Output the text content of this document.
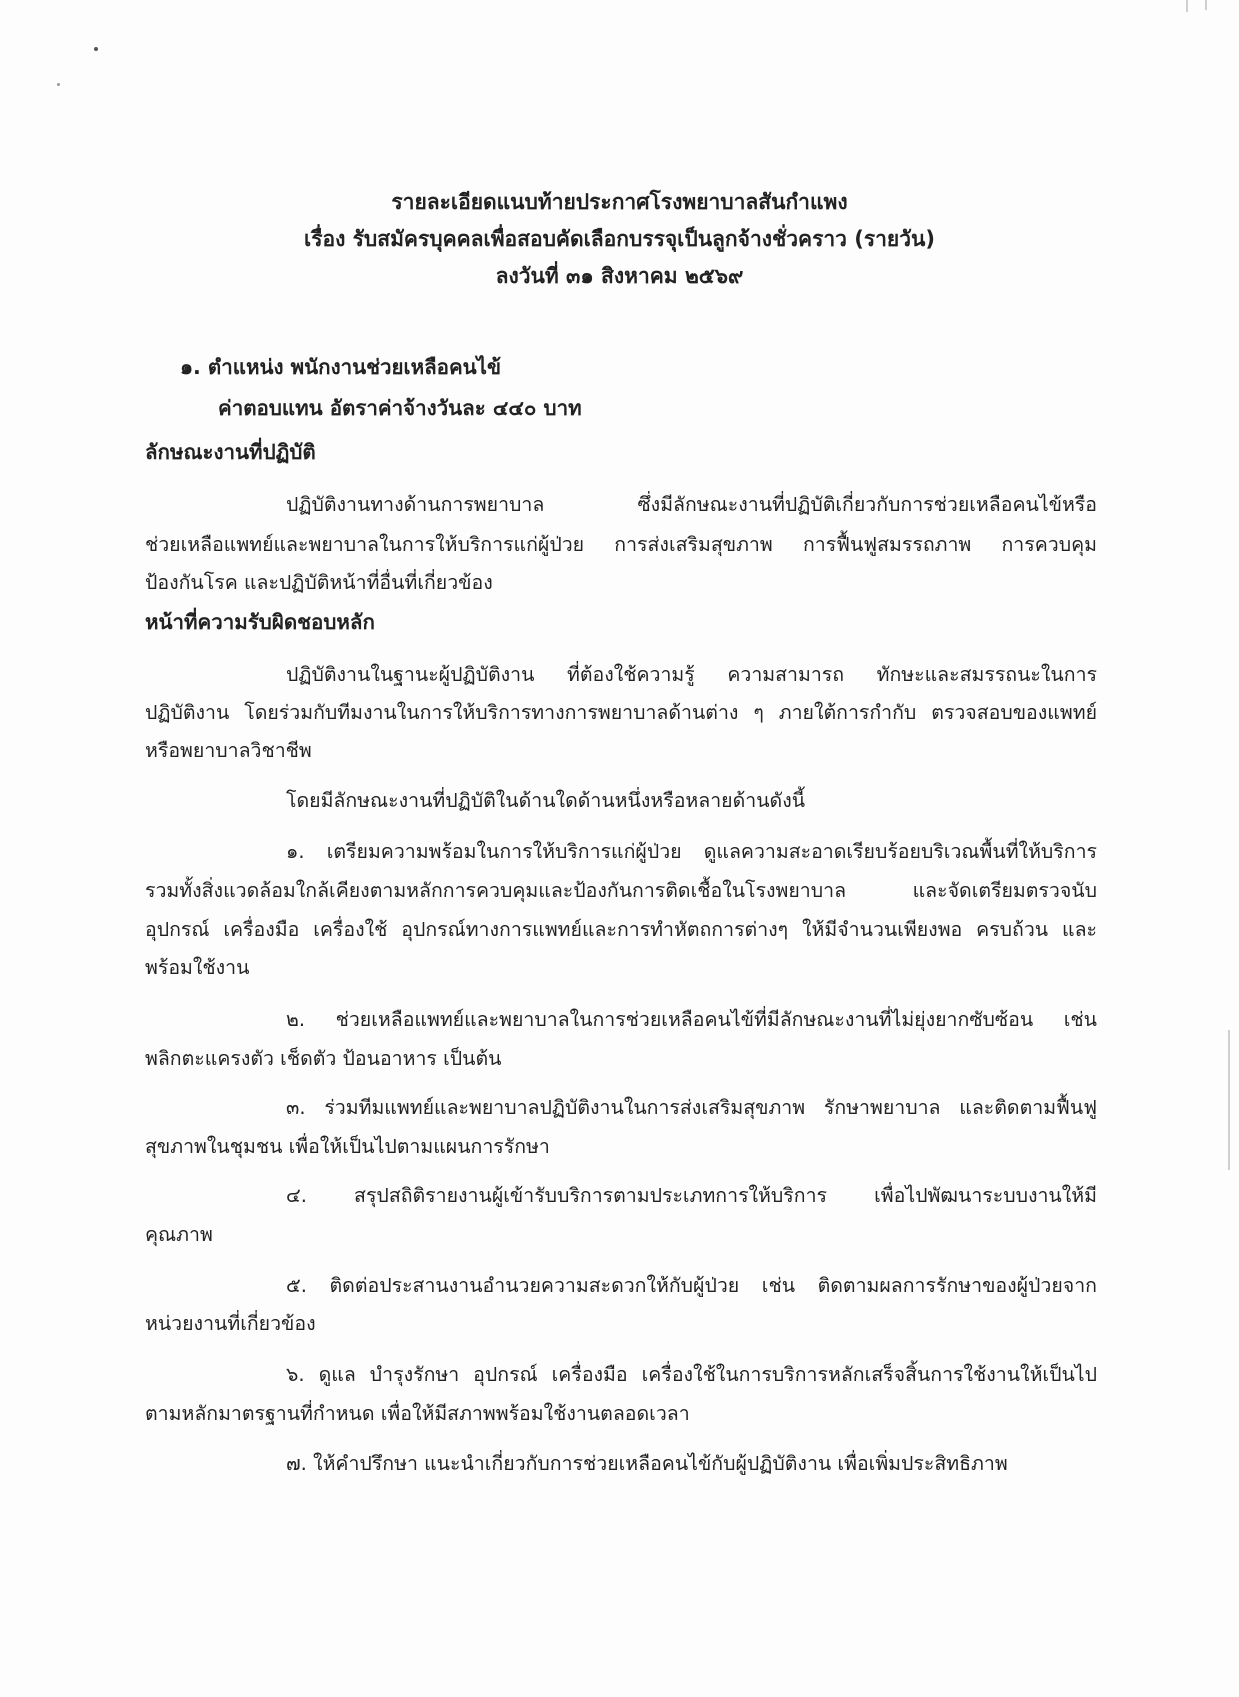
รายละเอียดแนบท้ายประกาศโรงพยาบาลสันกำแพง
เรื่อง รับสมัครบุคคลเพื่อสอบคัดเลือกบรรจุเป็นลูกจ้างชั่วคราว (รายวัน)
ลงวันที่ ๓๑ สิงหาคม ๒๕๖๙
๑. ตำแหน่ง พนักงานช่วยเหลือคนไข้
ค่าตอบแทน อัตราค่าจ้างวันละ ๔๔๐ บาท
ลักษณะงานที่ปฏิบัติ
ปฏิบัติงานทางด้านการพยาบาล ซึ่งมีลักษณะงานที่ปฏิบัติเกี่ยวกับการช่วยเหลือคนไข้หรือ
ช่วยเหลือแพทย์และพยาบาลในการให้บริการแก่ผู้ป่วย การส่งเสริมสุขภาพ การฟื้นฟูสมรรถภาพ การควบคุม
ป้องกันโรค และปฏิบัติหน้าที่อื่นที่เกี่ยวข้อง
หน้าที่ความรับผิดชอบหลัก
ปฏิบัติงานในฐานะผู้ปฏิบัติงาน ที่ต้องใช้ความรู้ ความสามารถ ทักษะและสมรรถนะในการ
ปฏิบัติงาน โดยร่วมกับทีมงานในการให้บริการทางการพยาบาลด้านต่าง ๆ ภายใต้การกำกับ ตรวจสอบของแพทย์
หรือพยาบาลวิชาชีพ
โดยมีลักษณะงานที่ปฏิบัติในด้านใดด้านหนึ่งหรือหลายด้านดังนี้
๑. เตรียมความพร้อมในการให้บริการแก่ผู้ป่วย ดูแลความสะอาดเรียบร้อยบริเวณพื้นที่ให้บริการ
รวมทั้งสิ่งแวดล้อมใกล้เคียงตามหลักการควบคุมและป้องกันการติดเชื้อในโรงพยาบาล และจัดเตรียมตรวจนับ
อุปกรณ์ เครื่องมือ เครื่องใช้ อุปกรณ์ทางการแพทย์และการทำหัตถการต่างๆ ให้มีจำนวนเพียงพอ ครบถ้วน และ
พร้อมใช้งาน
๒. ช่วยเหลือแพทย์และพยาบาลในการช่วยเหลือคนไข้ที่มีลักษณะงานที่ไม่ยุ่งยากซับซ้อน เช่น
พลิกตะแครงตัว เช็ดตัว ป้อนอาหาร เป็นต้น
๓. ร่วมทีมแพทย์และพยาบาลปฏิบัติงานในการส่งเสริมสุขภาพ รักษาพยาบาล และติดตามฟื้นฟู
สุขภาพในชุมชน เพื่อให้เป็นไปตามแผนการรักษา
๔. สรุปสถิติรายงานผู้เข้ารับบริการตามประเภทการให้บริการ เพื่อไปพัฒนาระบบงานให้มี
คุณภาพ
๕. ติดต่อประสานงานอำนวยความสะดวกให้กับผู้ป่วย เช่น ติดตามผลการรักษาของผู้ป่วยจาก
หน่วยงานที่เกี่ยวข้อง
๖. ดูแล บำรุงรักษา อุปกรณ์ เครื่องมือ เครื่องใช้ในการบริการหลักเสร็จสิ้นการใช้งานให้เป็นไป
ตามหลักมาตรฐานที่กำหนด เพื่อให้มีสภาพพร้อมใช้งานตลอดเวลา
๗. ให้คำปรึกษา แนะนำเกี่ยวกับการช่วยเหลือคนไข้กับผู้ปฏิบัติงาน เพื่อเพิ่มประสิทธิภาพ
